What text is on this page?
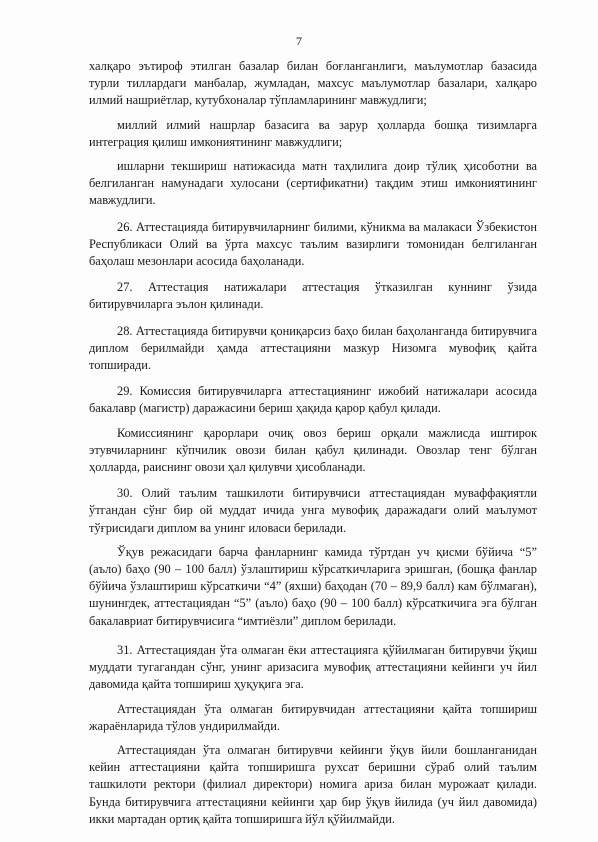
7

халқаро эътироф этилган базалар билан боғланганлиги, маълумотлар базасида турли тиллардаги манбалар, жумладан, махсус маълумотлар базалари, халқаро илмий нашриётлар, кутубхоналар тўпламларининг мавжудлиги;

миллий илмий нашрлар базасига ва зарур ҳолларда бошқа тизимларга интеграция қилиш имкониятининг мавжудлиги;

ишларни текшириш натижасида матн таҳлилига доир тўлиқ ҳисоботни ва белгиланган намунадаги хулосани (сертификатни) тақдим этиш имкониятининг мавжудлиги.

26. Аттестацияда битирувчиларнинг билими, кўникма ва малакаси Ўзбекистон Республикаси Олий ва ўрта махсус таълим вазирлиги томонидан белгиланган баҳолаш мезонлари асосида баҳоланади.

27. Аттестация натижалари аттестация ўтказилган куннинг ўзида битирувчиларга эълон қилинади.

28. Аттестацияда битирувчи қониқарсиз баҳо билан баҳоланганда битирувчига диплом берилмайди ҳамда аттестацияни мазкур Низомга мувофиқ қайта топширади.

29. Комиссия битирувчиларга аттестациянинг ижобий натижалари асосида бакалавр (магистр) даражасини бериш ҳақида қарор қабул қилади.

Комиссиянинг қарорлари очиқ овоз бериш орқали мажлисда иштирок этувчиларнинг кўпчилик овози билан қабул қилинади. Овозлар тенг бўлган ҳолларда, раиснинг овози ҳал қилувчи ҳисобланади.

30. Олий таълим ташкилоти битирувчиси аттестациядан муваффақиятли ўтгандан сўнг бир ой муддат ичида унга мувофиқ даражадаги олий маълумот тўғрисидаги диплом ва унинг иловаси берилади.

Ўқув режасидаги барча фанларнинг камида тўртдан уч қисми бўйича “5” (аъло) баҳо (90 – 100 балл) ўзлаштириш кўрсаткичларига эришган, (бошқа фанлар бўйича ўзлаштириш кўрсаткичи “4” (яхши) баҳодан (70 – 89,9 балл) кам бўлмаган), шунингдек, аттестациядан “5” (аъло) баҳо (90 – 100 балл) кўрсаткичига эга бўлган бакалавриат битирувчисига “имтиёзли” диплом берилади.

31. Аттестациядан ўта олмаган ёки аттестацияга қўйилмаган битирувчи ўқиш муддати тугагандан сўнг, унинг аризасига мувофиқ аттестацияни кейинги уч йил давомида қайта топшириш ҳуқуқига эга.

Аттестациядан ўта олмаган битирувчидан аттестацияни қайта топшириш жараёнларида тўлов ундирилмайди.

Аттестациядан ўта олмаган битирувчи кейинги ўқув йили бошланганидан кейин аттестацияни қайта топширишга рухсат беришни сўраб олий таълим ташкилоти ректори (филиал директори) номига ариза билан мурожаат қилади. Бунда битирувчига аттестацияни кейинги ҳар бир ўқув йилида (уч йил давомида) икки мартадан ортиқ қайта топширишга йўл қўйилмайди.
